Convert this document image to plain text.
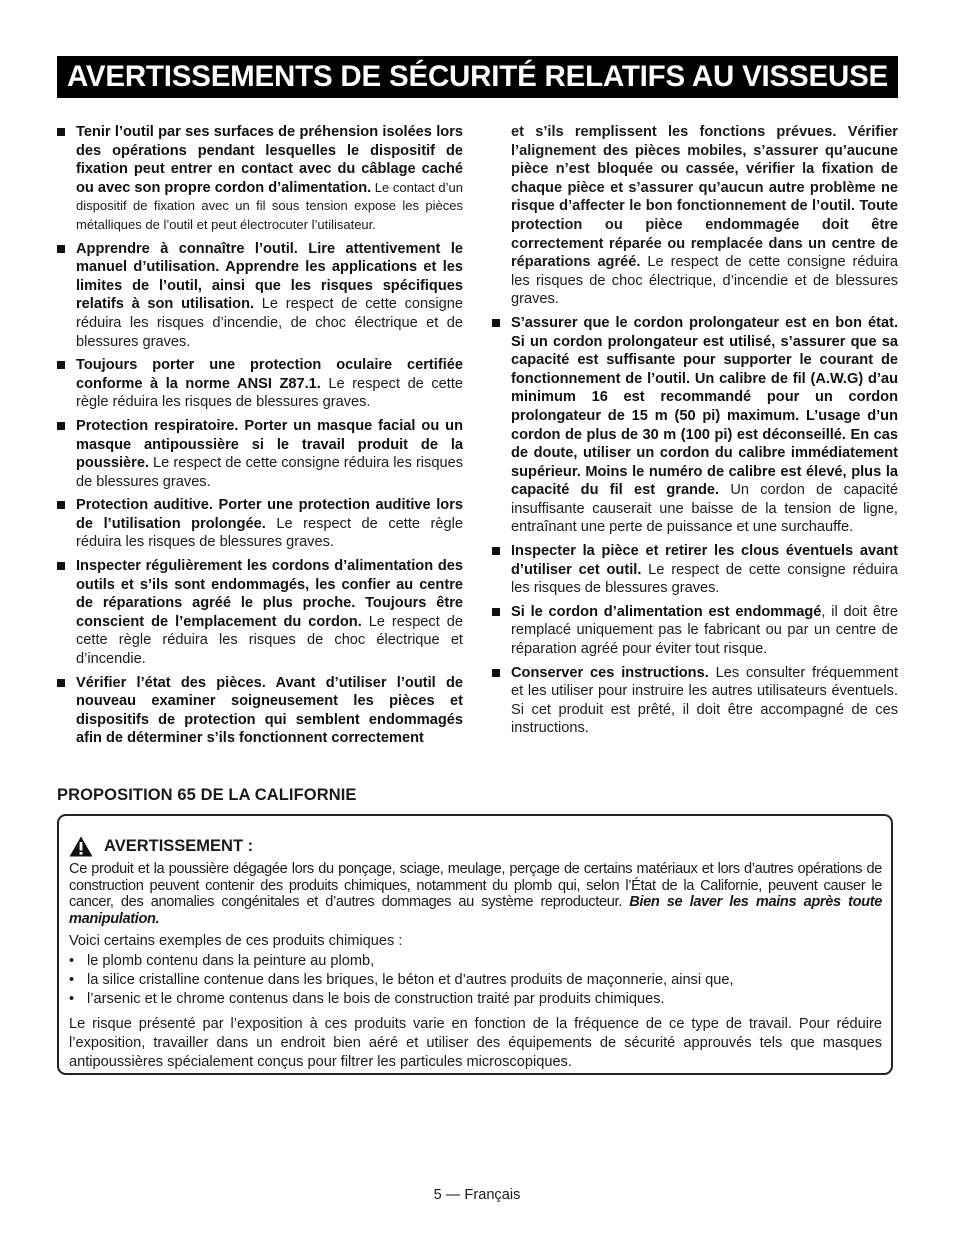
AVERTISSEMENTS DE SÉCURITÉ RELATIFS AU VISSEUSE
Tenir l’outil par ses surfaces de préhension isolées lors des opérations pendant lesquelles le dispositif de fixation peut entrer en contact avec du câblage caché ou avec son propre cordon d’alimentation. Le contact d’un dispositif de fixation avec un fil sous tension expose les pièces métalliques de l’outil et peut électrocuter l’utilisateur.
Apprendre à connaître l’outil. Lire attentivement le manuel d’utilisation. Apprendre les applications et les limites de l’outil, ainsi que les risques spécifiques relatifs à son utilisation. Le respect de cette consigne réduira les risques d’incendie, de choc électrique et de blessures graves.
Toujours porter une protection oculaire certifiée conforme à la norme ANSI Z87.1. Le respect de cette règle réduira les risques de blessures graves.
Protection respiratoire. Porter un masque facial ou un masque antipoussière si le travail produit de la poussière. Le respect de cette consigne réduira les risques de blessures graves.
Protection auditive. Porter une protection auditive lors de l’utilisation prolongée. Le respect de cette règle réduira les risques de blessures graves.
Inspecter régulièrement les cordons d’alimentation des outils et s’ils sont endommagés, les confier au centre de réparations agréé le plus proche. Toujours être conscient de l’emplacement du cordon. Le respect de cette règle réduira les risques de choc électrique et d’incendie.
Vérifier l’état des pièces. Avant d’utiliser l’outil de nouveau examiner soigneusement les pièces et dispositifs de protection qui semblent endommagés afin de déterminer s’ils fonctionnent correctement
et s’ils remplissent les fonctions prévues. Vérifier l’alignement des pièces mobiles, s’assurer qu’aucune pièce n’est bloquée ou cassée, vérifier la fixation de chaque pièce et s’assurer qu’aucun autre problème ne risque d’affecter le bon fonctionnement de l’outil. Toute protection ou pièce endommagée doit être correctement réparée ou remplacée dans un centre de réparations agréé. Le respect de cette consigne réduira les risques de choc électrique, d’incendie et de blessures graves.
S’assurer que le cordon prolongateur est en bon état. Si un cordon prolongateur est utilisé, s’assurer que sa capacité est suffisante pour supporter le courant de fonctionnement de l’outil. Un calibre de fil (A.W.G) d’au minimum 16 est recommandé pour un cordon prolongateur de 15 m (50 pi) maximum. L’usage d’un cordon de plus de 30 m (100 pi) est déconseillé. En cas de doute, utiliser un cordon du calibre immédiatement supérieur. Moins le numéro de calibre est élevé, plus la capacité du fil est grande. Un cordon de capacité insuffisante causerait une baisse de la tension de ligne, entraînant une perte de puissance et une surchauffe.
Inspecter la pièce et retirer les clous éventuels avant d’utiliser cet outil. Le respect de cette consigne réduira les risques de blessures graves.
Si le cordon d’alimentation est endommagé, il doit être remplacé uniquement pas le fabricant ou par un centre de réparation agréé pour éviter tout risque.
Conserver ces instructions. Les consulter fréquemment et les utiliser pour instruire les autres utilisateurs éventuels. Si cet produit est prêté, il doit être accompagné de ces instructions.
PROPOSITION 65 DE LA CALIFORNIE
AVERTISSEMENT :

Ce produit et la poussière dégagée lors du ponçage, sciage, meulage, perçage de certains matériaux et lors d’autres opérations de construction peuvent contenir des produits chimiques, notamment du plomb qui, selon l’État de la Californie, peuvent causer le cancer, des anomalies congénitales et d’autres dommages au système reproducteur. Bien se laver les mains après toute manipulation.

Voici certains exemples de ces produits chimiques :

• le plomb contenu dans la peinture au plomb,
• la silice cristalline contenue dans les briques, le béton et d’autres produits de maçonnerie, ainsi que,
• l’arsenic et le chrome contenus dans le bois de construction traité par produits chimiques.

Le risque présenté par l’exposition à ces produits varie en fonction de la fréquence de ce type de travail. Pour réduire l’exposition, travailler dans un endroit bien aéré et utiliser des équipements de sécurité approuvés tels que masques antipoussières spécialement conçus pour filtrer les particules microscopiques.

5 — Français
